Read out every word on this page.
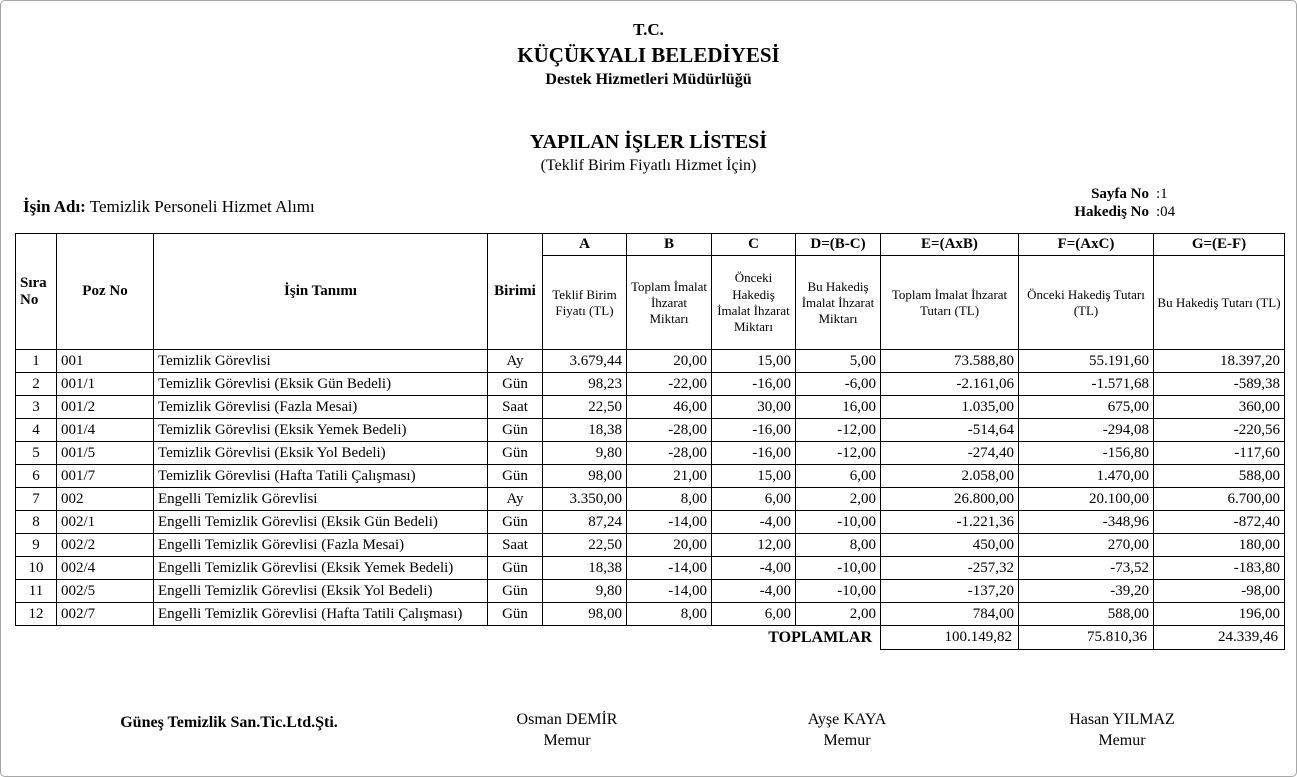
T.C.
KÜÇÜKYALI BELEDİYESİ
Destek Hizmetleri Müdürlüğü
YAPILAN İŞLER LİSTESİ
(Teklif Birim Fiyatlı Hizmet İçin)
İşin Adı: Temizlik Personeli Hizmet Alımı
Sayfa No :1
Hakediş No :04
Sıra No	Poz No	İşin Tanımı	Birimi	A	B	C	D=(B-C)	E=(AxB)	F=(AxC)	G=(E-F)
				Teklif Birim Fiyatı (TL)	Toplam İmalat İhzarat Miktarı	Önceki Hakediş İmalat İhzarat Miktarı	Bu Hakediş İmalat İhzarat Miktarı	Toplam İmalat İhzarat Tutarı (TL)	Önceki Hakediş Tutarı (TL)	Bu Hakediş Tutarı (TL)
1	001	Temizlik Görevlisi	Ay	3.679,44	20,00	15,00	5,00	73.588,80	55.191,60	18.397,20
2	001/1	Temizlik Görevlisi (Eksik Gün Bedeli)	Gün	98,23	-22,00	-16,00	-6,00	-2.161,06	-1.571,68	-589,38
3	001/2	Temizlik Görevlisi (Fazla Mesai)	Saat	22,50	46,00	30,00	16,00	1.035,00	675,00	360,00
4	001/4	Temizlik Görevlisi (Eksik Yemek Bedeli)	Gün	18,38	-28,00	-16,00	-12,00	-514,64	-294,08	-220,56
5	001/5	Temizlik Görevlisi (Eksik Yol Bedeli)	Gün	9,80	-28,00	-16,00	-12,00	-274,40	-156,80	-117,60
6	001/7	Temizlik Görevlisi (Hafta Tatili Çalışması)	Gün	98,00	21,00	15,00	6,00	2.058,00	1.470,00	588,00
7	002	Engelli Temizlik Görevlisi	Ay	3.350,00	8,00	6,00	2,00	26.800,00	20.100,00	6.700,00
8	002/1	Engelli Temizlik Görevlisi (Eksik Gün Bedeli)	Gün	87,24	-14,00	-4,00	-10,00	-1.221,36	-348,96	-872,40
9	002/2	Engelli Temizlik Görevlisi (Fazla Mesai)	Saat	22,50	20,00	12,00	8,00	450,00	270,00	180,00
10	002/4	Engelli Temizlik Görevlisi (Eksik Yemek Bedeli)	Gün	18,38	-14,00	-4,00	-10,00	-257,32	-73,52	-183,80
11	002/5	Engelli Temizlik Görevlisi (Eksik Yol Bedeli)	Gün	9,80	-14,00	-4,00	-10,00	-137,20	-39,20	-98,00
12	002/7	Engelli Temizlik Görevlisi (Hafta Tatili Çalışması)	Gün	98,00	8,00	6,00	2,00	784,00	588,00	196,00
TOPLAMLAR								100.149,82	75.810,36	24.339,46
Güneş Temizlik San.Tic.Ltd.Şti.	Osman DEMİR
Memur
Ayşe KAYA
Memur
Hasan YILMAZ
Memur
